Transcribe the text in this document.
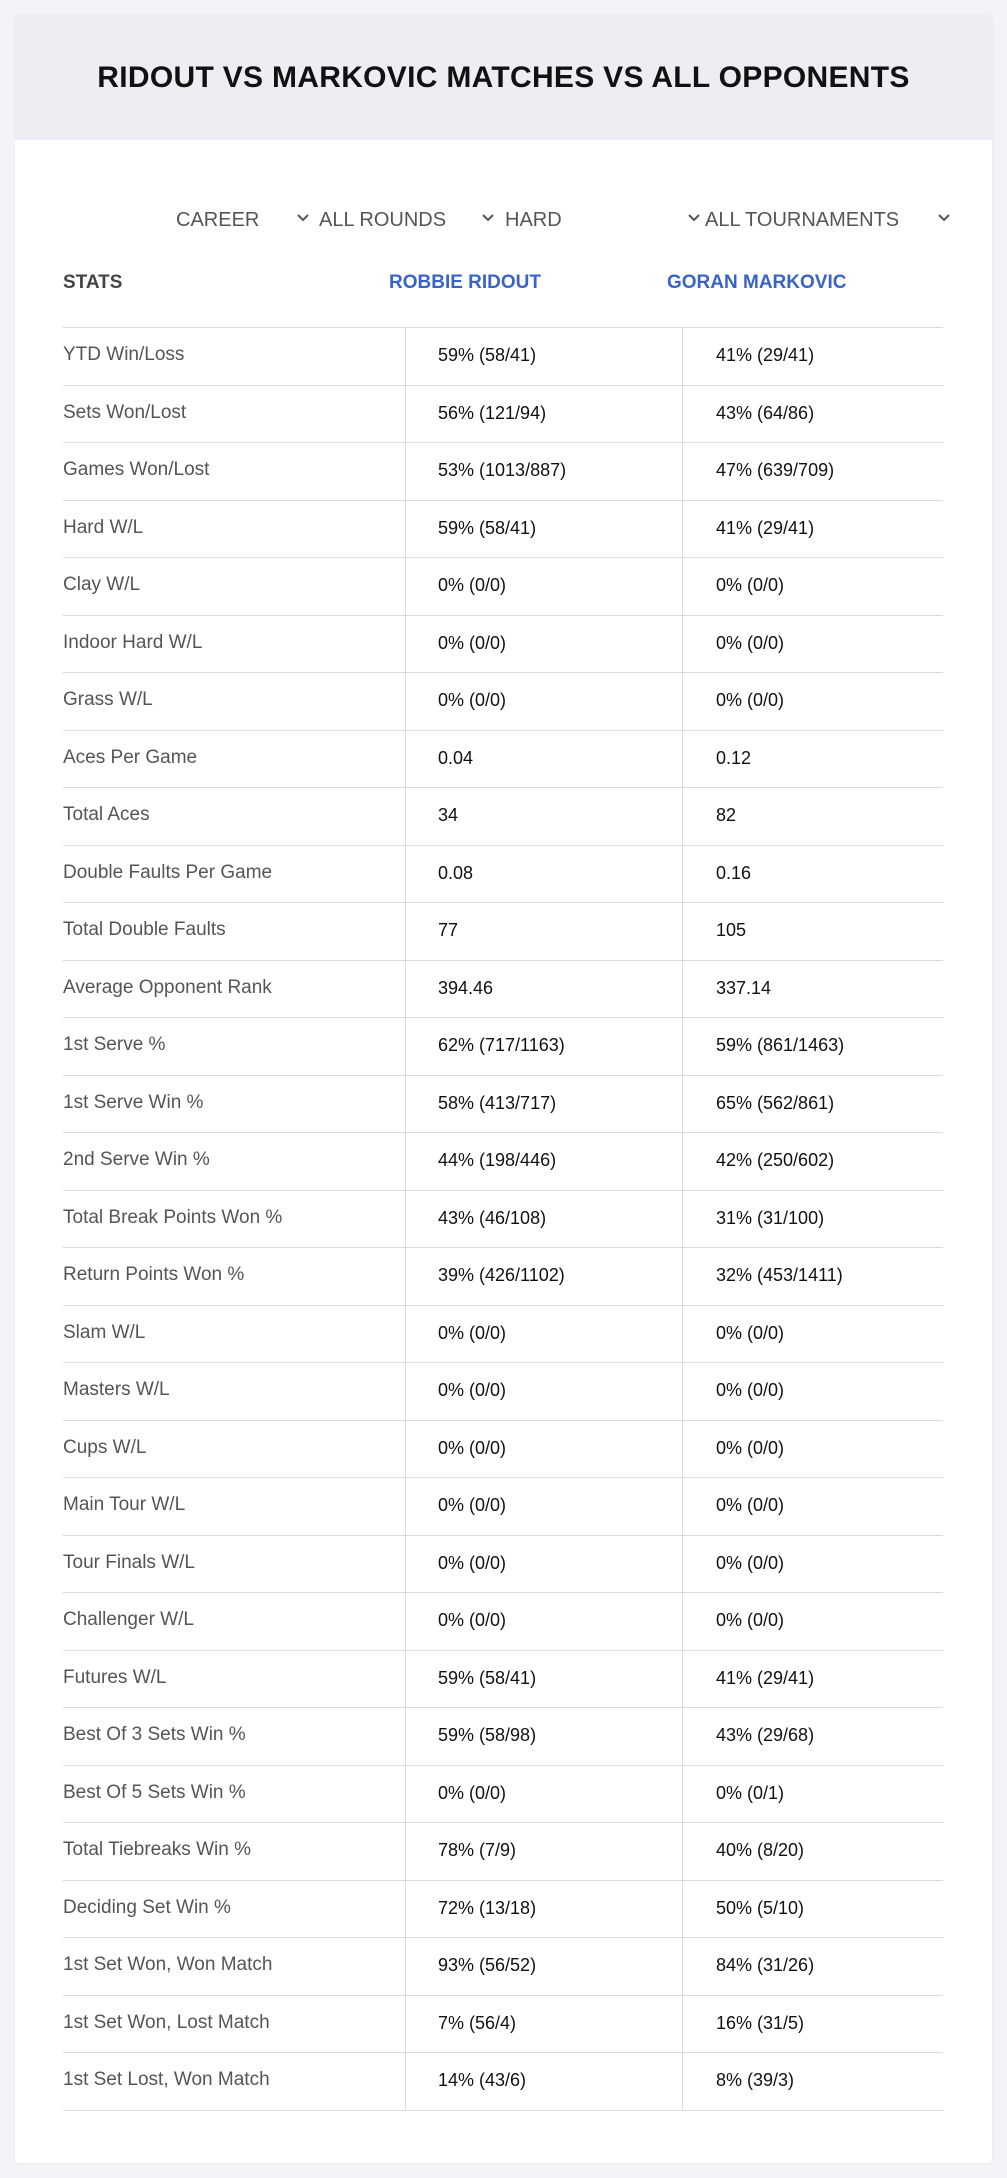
RIDOUT VS MARKOVIC MATCHES VS ALL OPPONENTS
CAREER	ALL ROUNDS	HARD	ALL TOURNAMENTS
STATS	ROBBIE RIDOUT	GORAN MARKOVIC
YTD Win/Loss	59% (58/41)	41% (29/41)
Sets Won/Lost	56% (121/94)	43% (64/86)
Games Won/Lost	53% (1013/887)	47% (639/709)
Hard W/L	59% (58/41)	41% (29/41)
Clay W/L	0% (0/0)	0% (0/0)
Indoor Hard W/L	0% (0/0)	0% (0/0)
Grass W/L	0% (0/0)	0% (0/0)
Aces Per Game	0.04	0.12
Total Aces	34	82
Double Faults Per Game	0.08	0.16
Total Double Faults	77	105
Average Opponent Rank	394.46	337.14
1st Serve %	62% (717/1163)	59% (861/1463)
1st Serve Win %	58% (413/717)	65% (562/861)
2nd Serve Win %	44% (198/446)	42% (250/602)
Total Break Points Won %	43% (46/108)	31% (31/100)
Return Points Won %	39% (426/1102)	32% (453/1411)
Slam W/L	0% (0/0)	0% (0/0)
Masters W/L	0% (0/0)	0% (0/0)
Cups W/L	0% (0/0)	0% (0/0)
Main Tour W/L	0% (0/0)	0% (0/0)
Tour Finals W/L	0% (0/0)	0% (0/0)
Challenger W/L	0% (0/0)	0% (0/0)
Futures W/L	59% (58/41)	41% (29/41)
Best Of 3 Sets Win %	59% (58/98)	43% (29/68)
Best Of 5 Sets Win %	0% (0/0)	0% (0/1)
Total Tiebreaks Win %	78% (7/9)	40% (8/20)
Deciding Set Win %	72% (13/18)	50% (5/10)
1st Set Won, Won Match	93% (56/52)	84% (31/26)
1st Set Won, Lost Match	7% (56/4)	16% (31/5)
1st Set Lost, Won Match	14% (43/6)	8% (39/3)
